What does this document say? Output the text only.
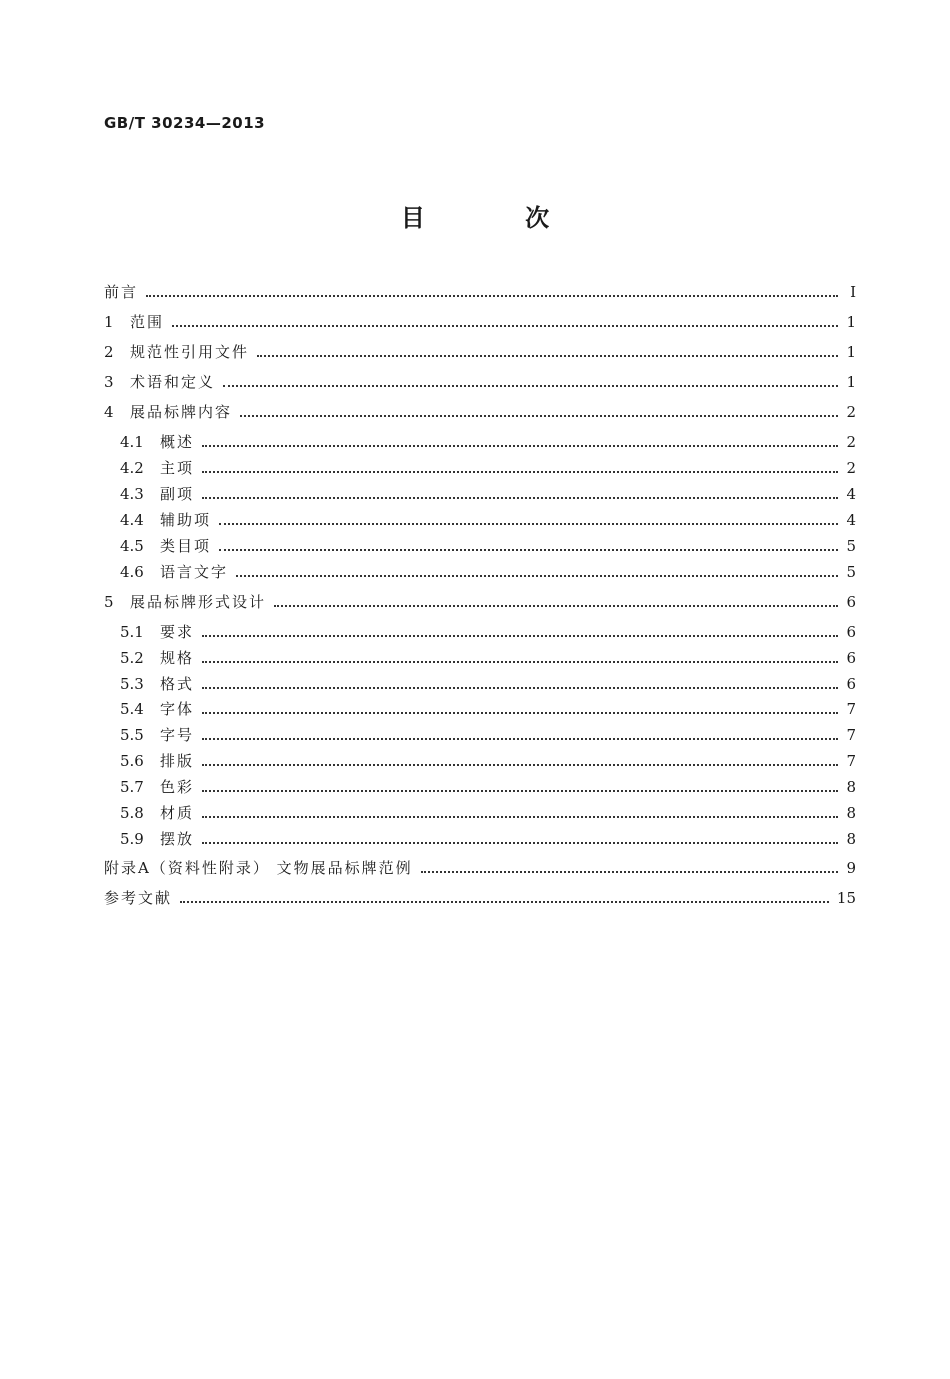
GB/T 30234—2013
目 次
前言	Ⅰ
1	范围	1
2	规范性引用文件	1
3	术语和定义	1
4	展品标牌内容	2
4.1	概述	2
4.2	主项	2
4.3	副项	4
4.4	辅助项	4
4.5	类目项	5
4.6	语言文字	5
5	展品标牌形式设计	6
5.1	要求	6
5.2	规格	6
5.3	格式	6
5.4	字体	7
5.5	字号	7
5.6	排版	7
5.7	色彩	8
5.8	材质	8
5.9	摆放	8
附录A（资料性附录） 文物展品标牌范例	9
参考文献	15
